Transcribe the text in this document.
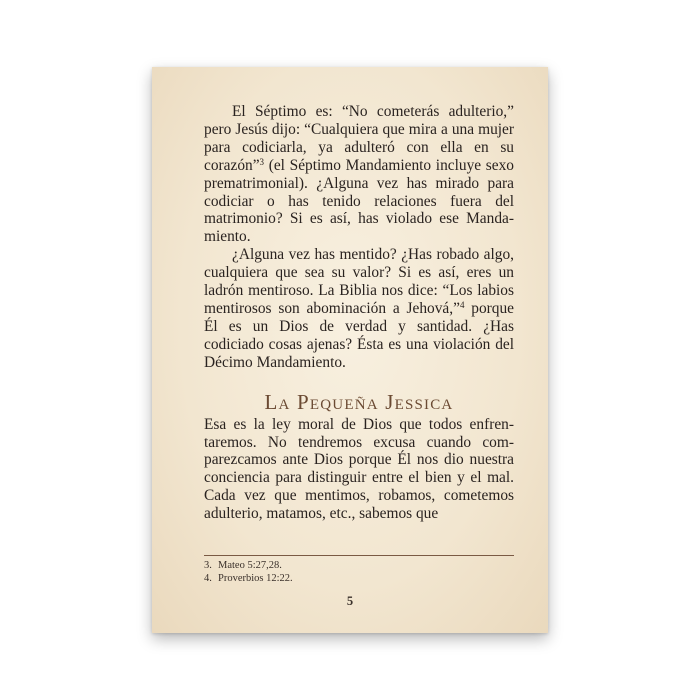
El Séptimo es: “No cometerás adulterio,” pero Jesús dijo: “Cualquiera que mira a una mujer para codiciarla, ya adulteró con ella en su corazón”$^3$ (el Séptimo Mandamiento incluye sexo prematrimonial). ¿Alguna vez has mirado para codiciar o has tenido relaciones fuera del matrimonio? Si es así, has violado ese Mandamiento.

¿Alguna vez has mentido? ¿Has robado algo, cualquiera que sea su valor? Si es así, eres un ladrón mentiroso. La Biblia nos dice: “Los labios mentirosos son abominación a Jehová,”$^4$ porque Él es un Dios de verdad y santidad. ¿Has codiciado cosas ajenas? Ésta es una violación del Décimo Mandamiento.

La Pequeña Jessica

Esa es la ley moral de Dios que todos enfrentaremos. No tendremos excusa cuando comparezcamos ante Dios porque Él nos dio nuestra conciencia para distinguir entre el bien y el mal. Cada vez que mentimos, robamos, cometemos adulterio, matamos, etc., sabemos que

3. Mateo 5:27,28.
4. Proverbios 12:22.
5
